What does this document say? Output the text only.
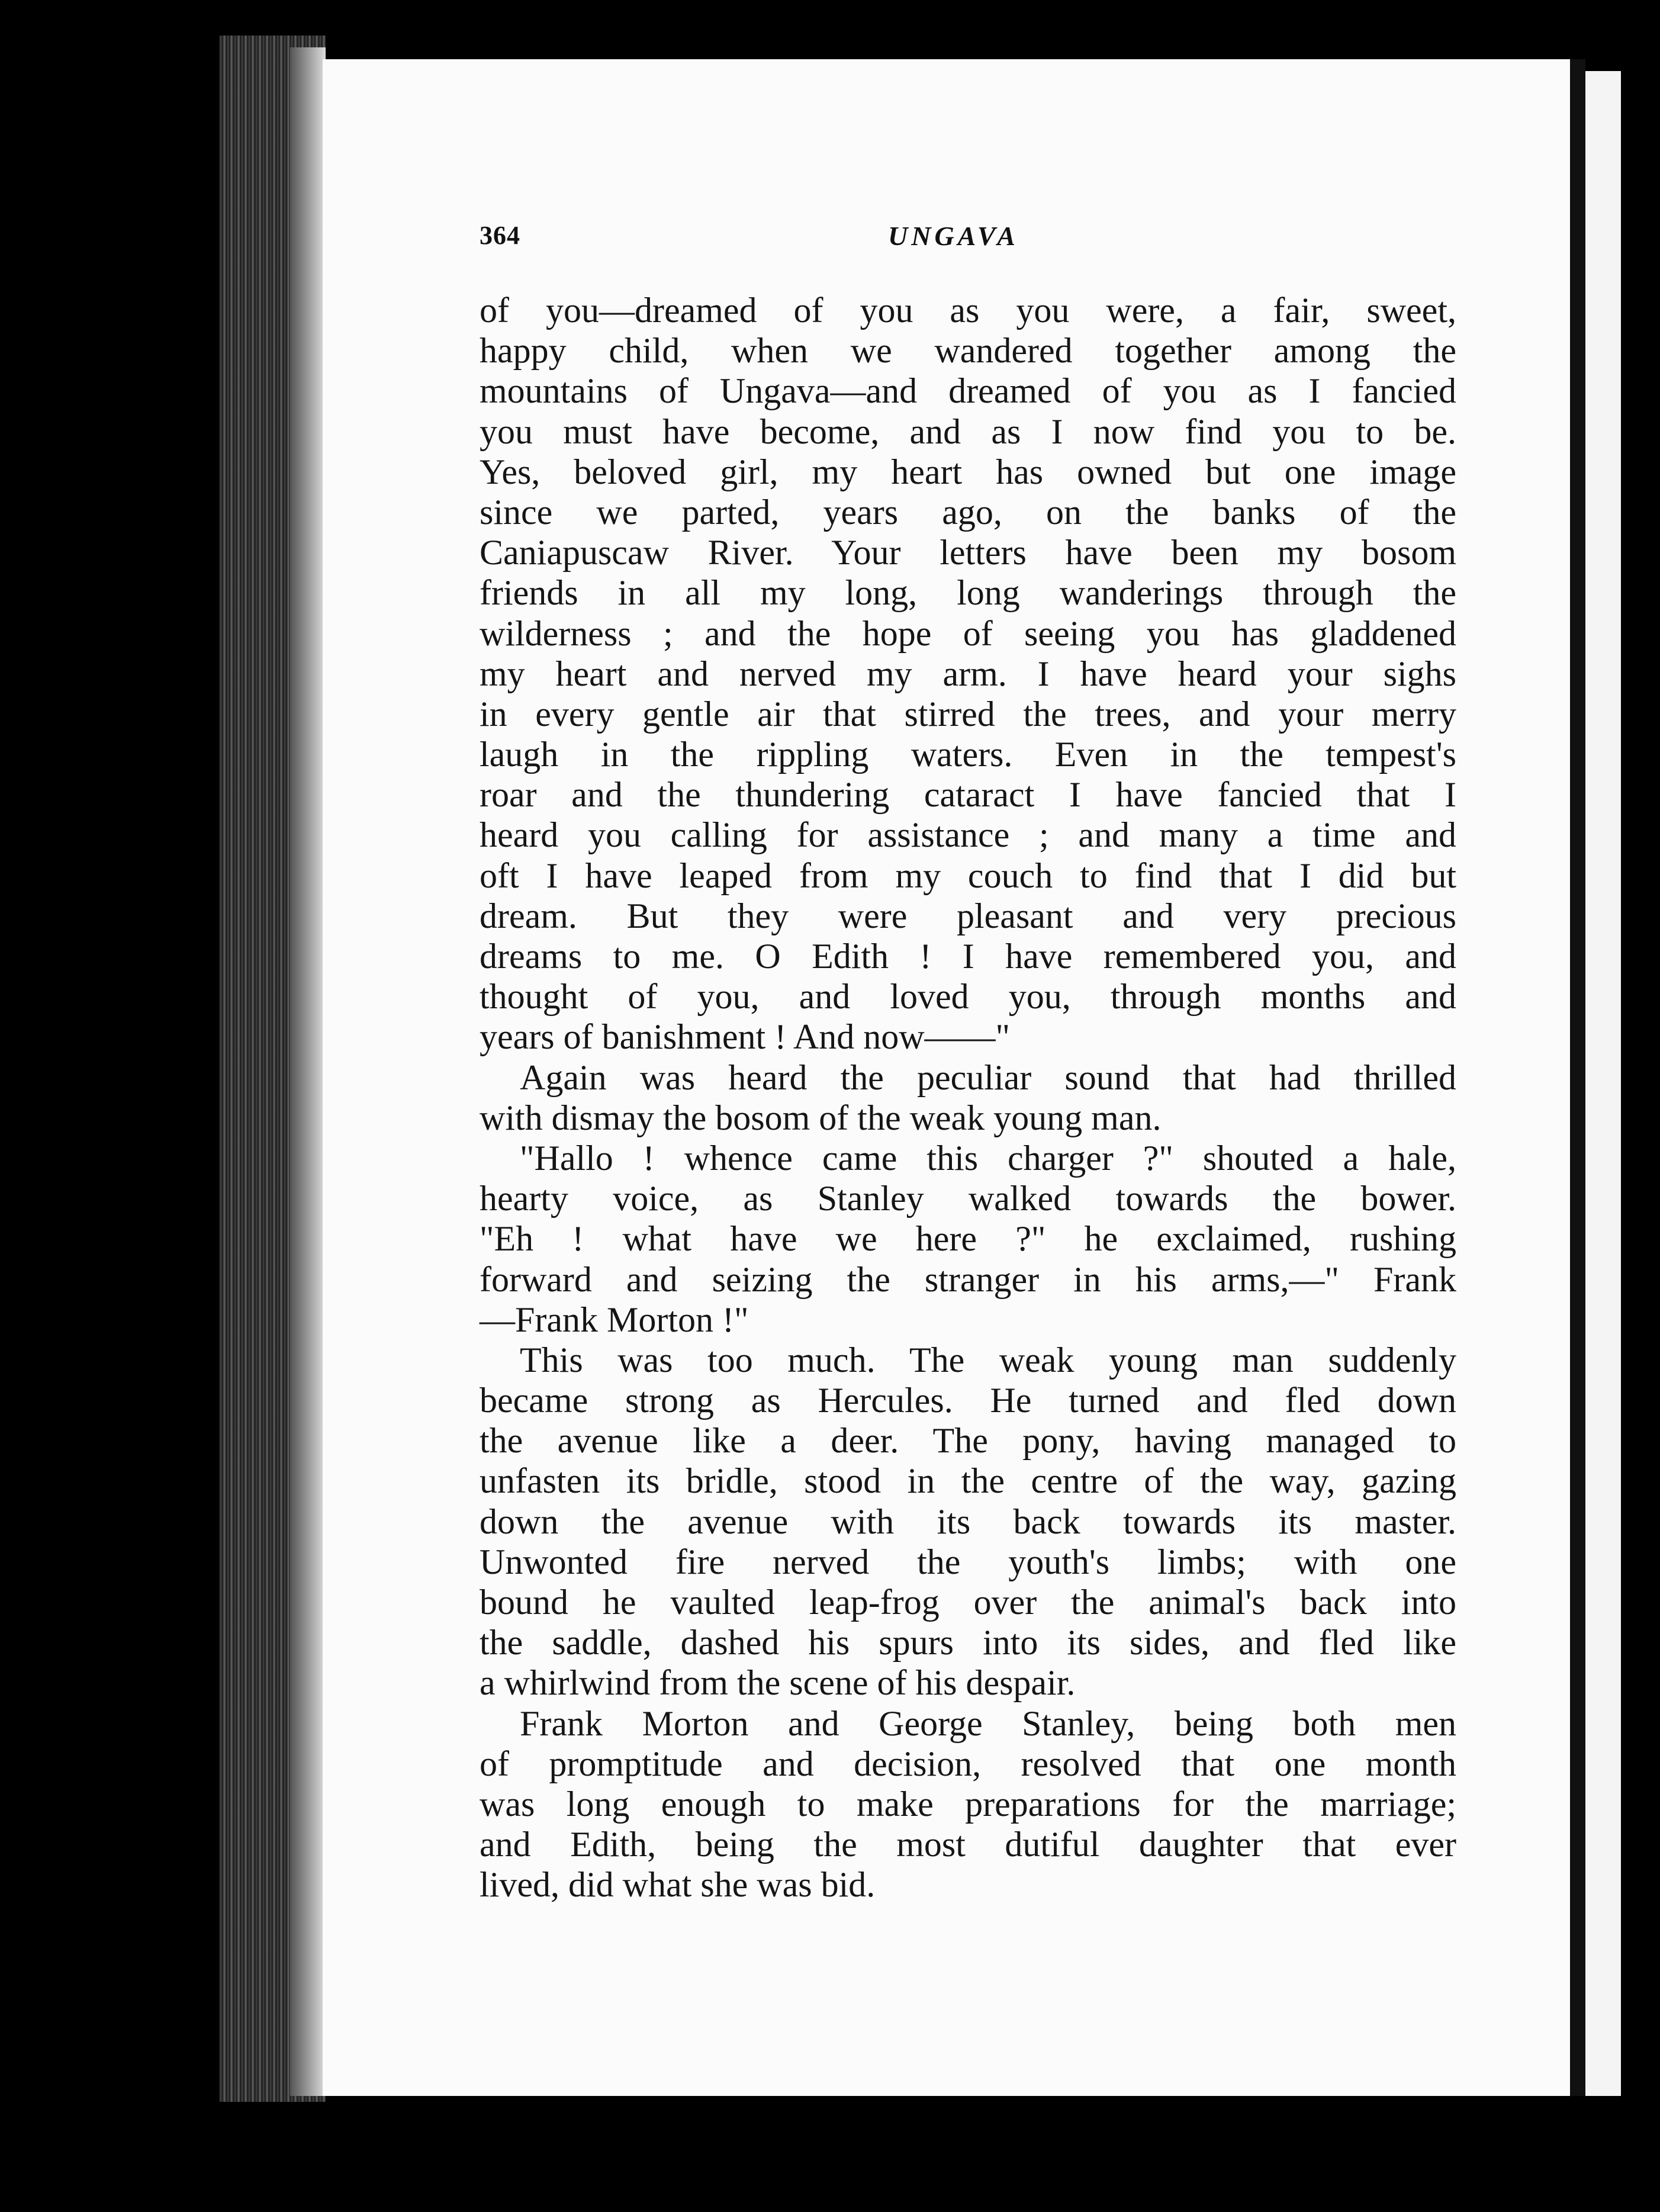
364	UNGAVA
of you—dreamed of you as you were, a fair, sweet,
happy child, when we wandered together among the
mountains of Ungava—and dreamed of you as I fancied
you must have become, and as I now find you to be.
Yes, beloved girl, my heart has owned but one image
since we parted, years ago, on the banks of the
Caniapuscaw River. Your letters have been my bosom
friends in all my long, long wanderings through the
wilderness ; and the hope of seeing you has gladdened
my heart and nerved my arm. I have heard your sighs
in every gentle air that stirred the trees, and your merry
laugh in the rippling waters. Even in the tempest's
roar and the thundering cataract I have fancied that I
heard you calling for assistance ; and many a time and
oft I have leaped from my couch to find that I did but
dream. But they were pleasant and very precious
dreams to me. O Edith ! I have remembered you, and
thought of you, and loved you, through months and
years of banishment ! And now——"
Again was heard the peculiar sound that had thrilled
with dismay the bosom of the weak young man.
"Hallo ! whence came this charger ?" shouted a hale,
hearty voice, as Stanley walked towards the bower.
"Eh ! what have we here ?" he exclaimed, rushing
forward and seizing the stranger in his arms,—" Frank
—Frank Morton !"
This was too much. The weak young man suddenly
became strong as Hercules. He turned and fled down
the avenue like a deer. The pony, having managed to
unfasten its bridle, stood in the centre of the way, gazing
down the avenue with its back towards its master.
Unwonted fire nerved the youth's limbs; with one
bound he vaulted leap-frog over the animal's back into
the saddle, dashed his spurs into its sides, and fled like
a whirlwind from the scene of his despair.
Frank Morton and George Stanley, being both men
of promptitude and decision, resolved that one month
was long enough to make preparations for the marriage;
and Edith, being the most dutiful daughter that ever
lived, did what she was bid.
